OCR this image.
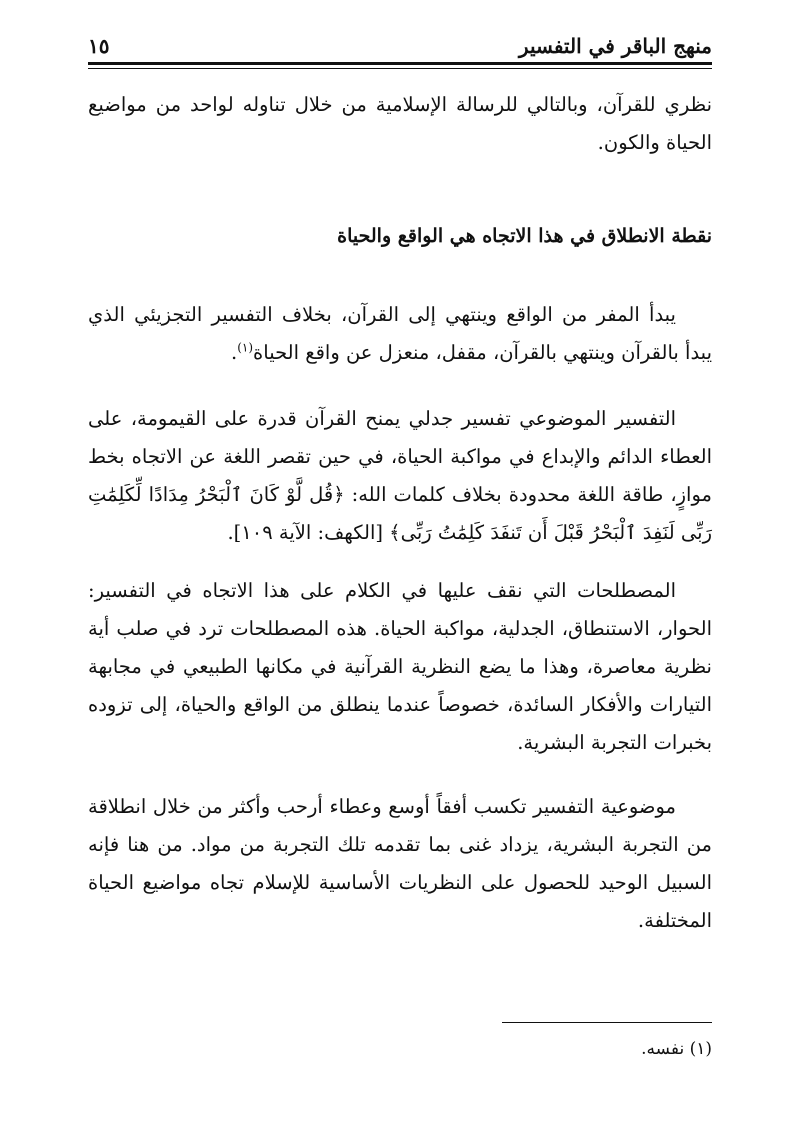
منهج الباقر في التفسير
١٥

نظري للقرآن، وبالتالي للرسالة الإسلامية من خلال تناوله لواحد من مواضيع الحياة والكون.

نقطة الانطلاق في هذا الاتجاه هي الواقع والحياة

يبدأ المفر من الواقع وينتهي إلى القرآن، بخلاف التفسير التجزيئي الذي يبدأ بالقرآن وينتهي بالقرآن، مقفل، منعزل عن واقع الحياة$^{(١)}$.

التفسير الموضوعي تفسير جدلي يمنح القرآن قدرة على القيمومة، على العطاء الدائم والإبداع في مواكبة الحياة، في حين تقصر اللغة عن الاتجاه بخط موازٍ، طاقة اللغة محدودة بخلاف كلمات الله: ﴿قُل لَّوْ كَانَ ٱلْبَحْرُ مِدَادًا لِّكَلِمَٰتِ رَبِّى لَنَفِدَ ٱلْبَحْرُ قَبْلَ أَن تَنفَدَ كَلِمَٰتُ رَبِّى﴾ [الكهف: الآية ١٠٩].

المصطلحات التي نقف عليها في الكلام على هذا الاتجاه في التفسير: الحوار، الاستنطاق، الجدلية، مواكبة الحياة. هذه المصطلحات ترد في صلب أية نظرية معاصرة، وهذا ما يضع النظرية القرآنية في مكانها الطبيعي في مجابهة التيارات والأفكار السائدة، خصوصاً عندما ينطلق من الواقع والحياة، إلى تزوده بخبرات التجربة البشرية.

موضوعية التفسير تكسب أفقاً أوسع وعطاء أرحب وأكثر من خلال انطلاقة من التجربة البشرية، يزداد غنى بما تقدمه تلك التجربة من مواد. من هنا فإنه السبيل الوحيد للحصول على النظريات الأساسية للإسلام تجاه مواضيع الحياة المختلفة.

(١) نفسه.
